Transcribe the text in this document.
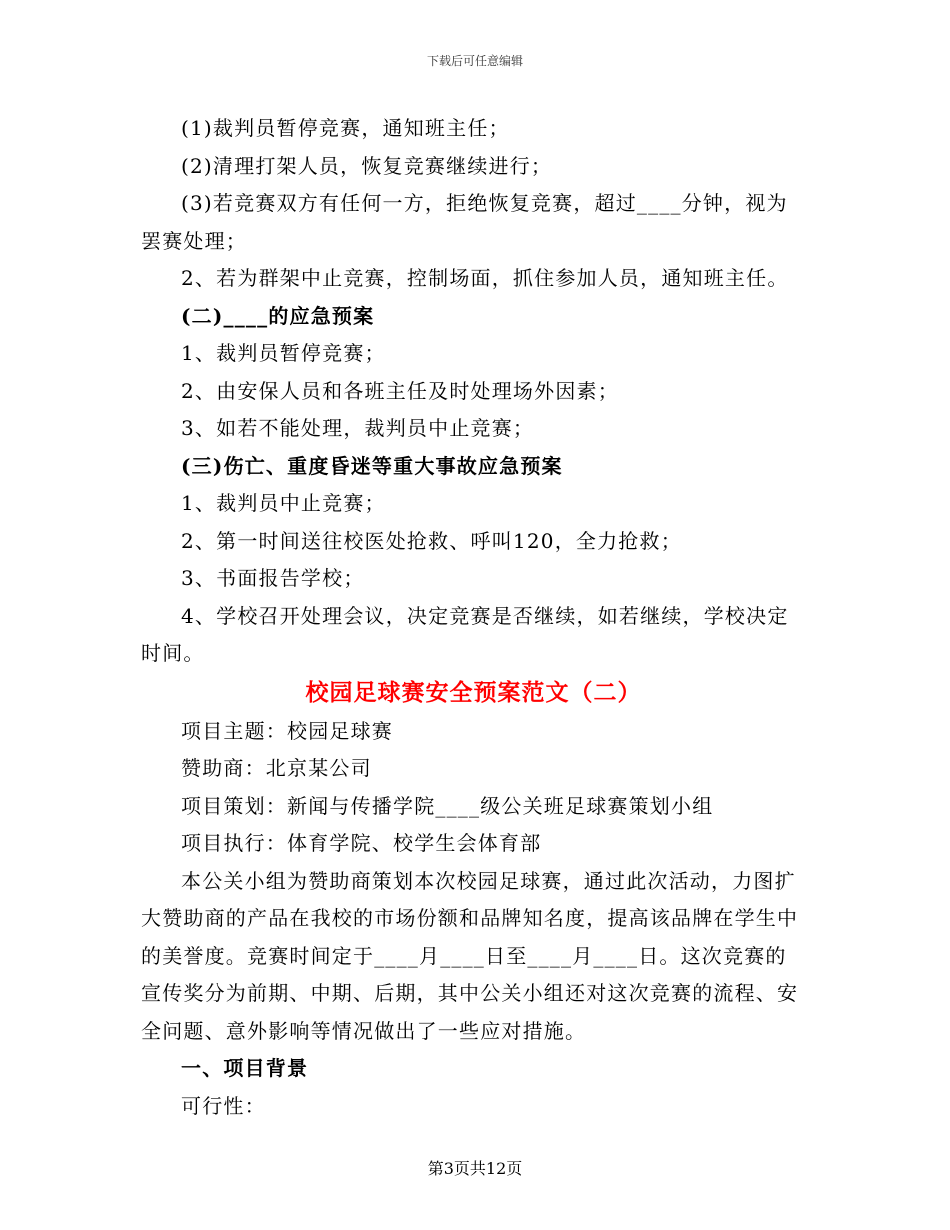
下载后可任意编辑

(1)裁判员暂停竞赛，通知班主任；

(2)清理打架人员，恢复竞赛继续进行；

(3)若竞赛双方有任何一方，拒绝恢复竞赛，超过____分钟，视为罢赛处理；

2、若为群架中止竞赛，控制场面，抓住参加人员，通知班主任。

(二)____的应急预案

1、裁判员暂停竞赛；

2、由安保人员和各班主任及时处理场外因素；

3、如若不能处理，裁判员中止竞赛；

(三)伤亡、重度昏迷等重大事故应急预案

1、裁判员中止竞赛；

2、第一时间送往校医处抢救、呼叫120，全力抢救；

3、书面报告学校；

4、学校召开处理会议，决定竞赛是否继续，如若继续，学校决定时间。

校园足球赛安全预案范文（二）

项目主题：校园足球赛

赞助商：北京某公司

项目策划：新闻与传播学院____级公关班足球赛策划小组

项目执行：体育学院、校学生会体育部

本公关小组为赞助商策划本次校园足球赛，通过此次活动，力图扩大赞助商的产品在我校的市场份额和品牌知名度，提高该品牌在学生中的美誉度。竞赛时间定于____月____日至____月____日。这次竞赛的宣传奖分为前期、中期、后期，其中公关小组还对这次竞赛的流程、安全问题、意外影响等情况做出了一些应对措施。

一、项目背景

可行性：

第3页共12页
